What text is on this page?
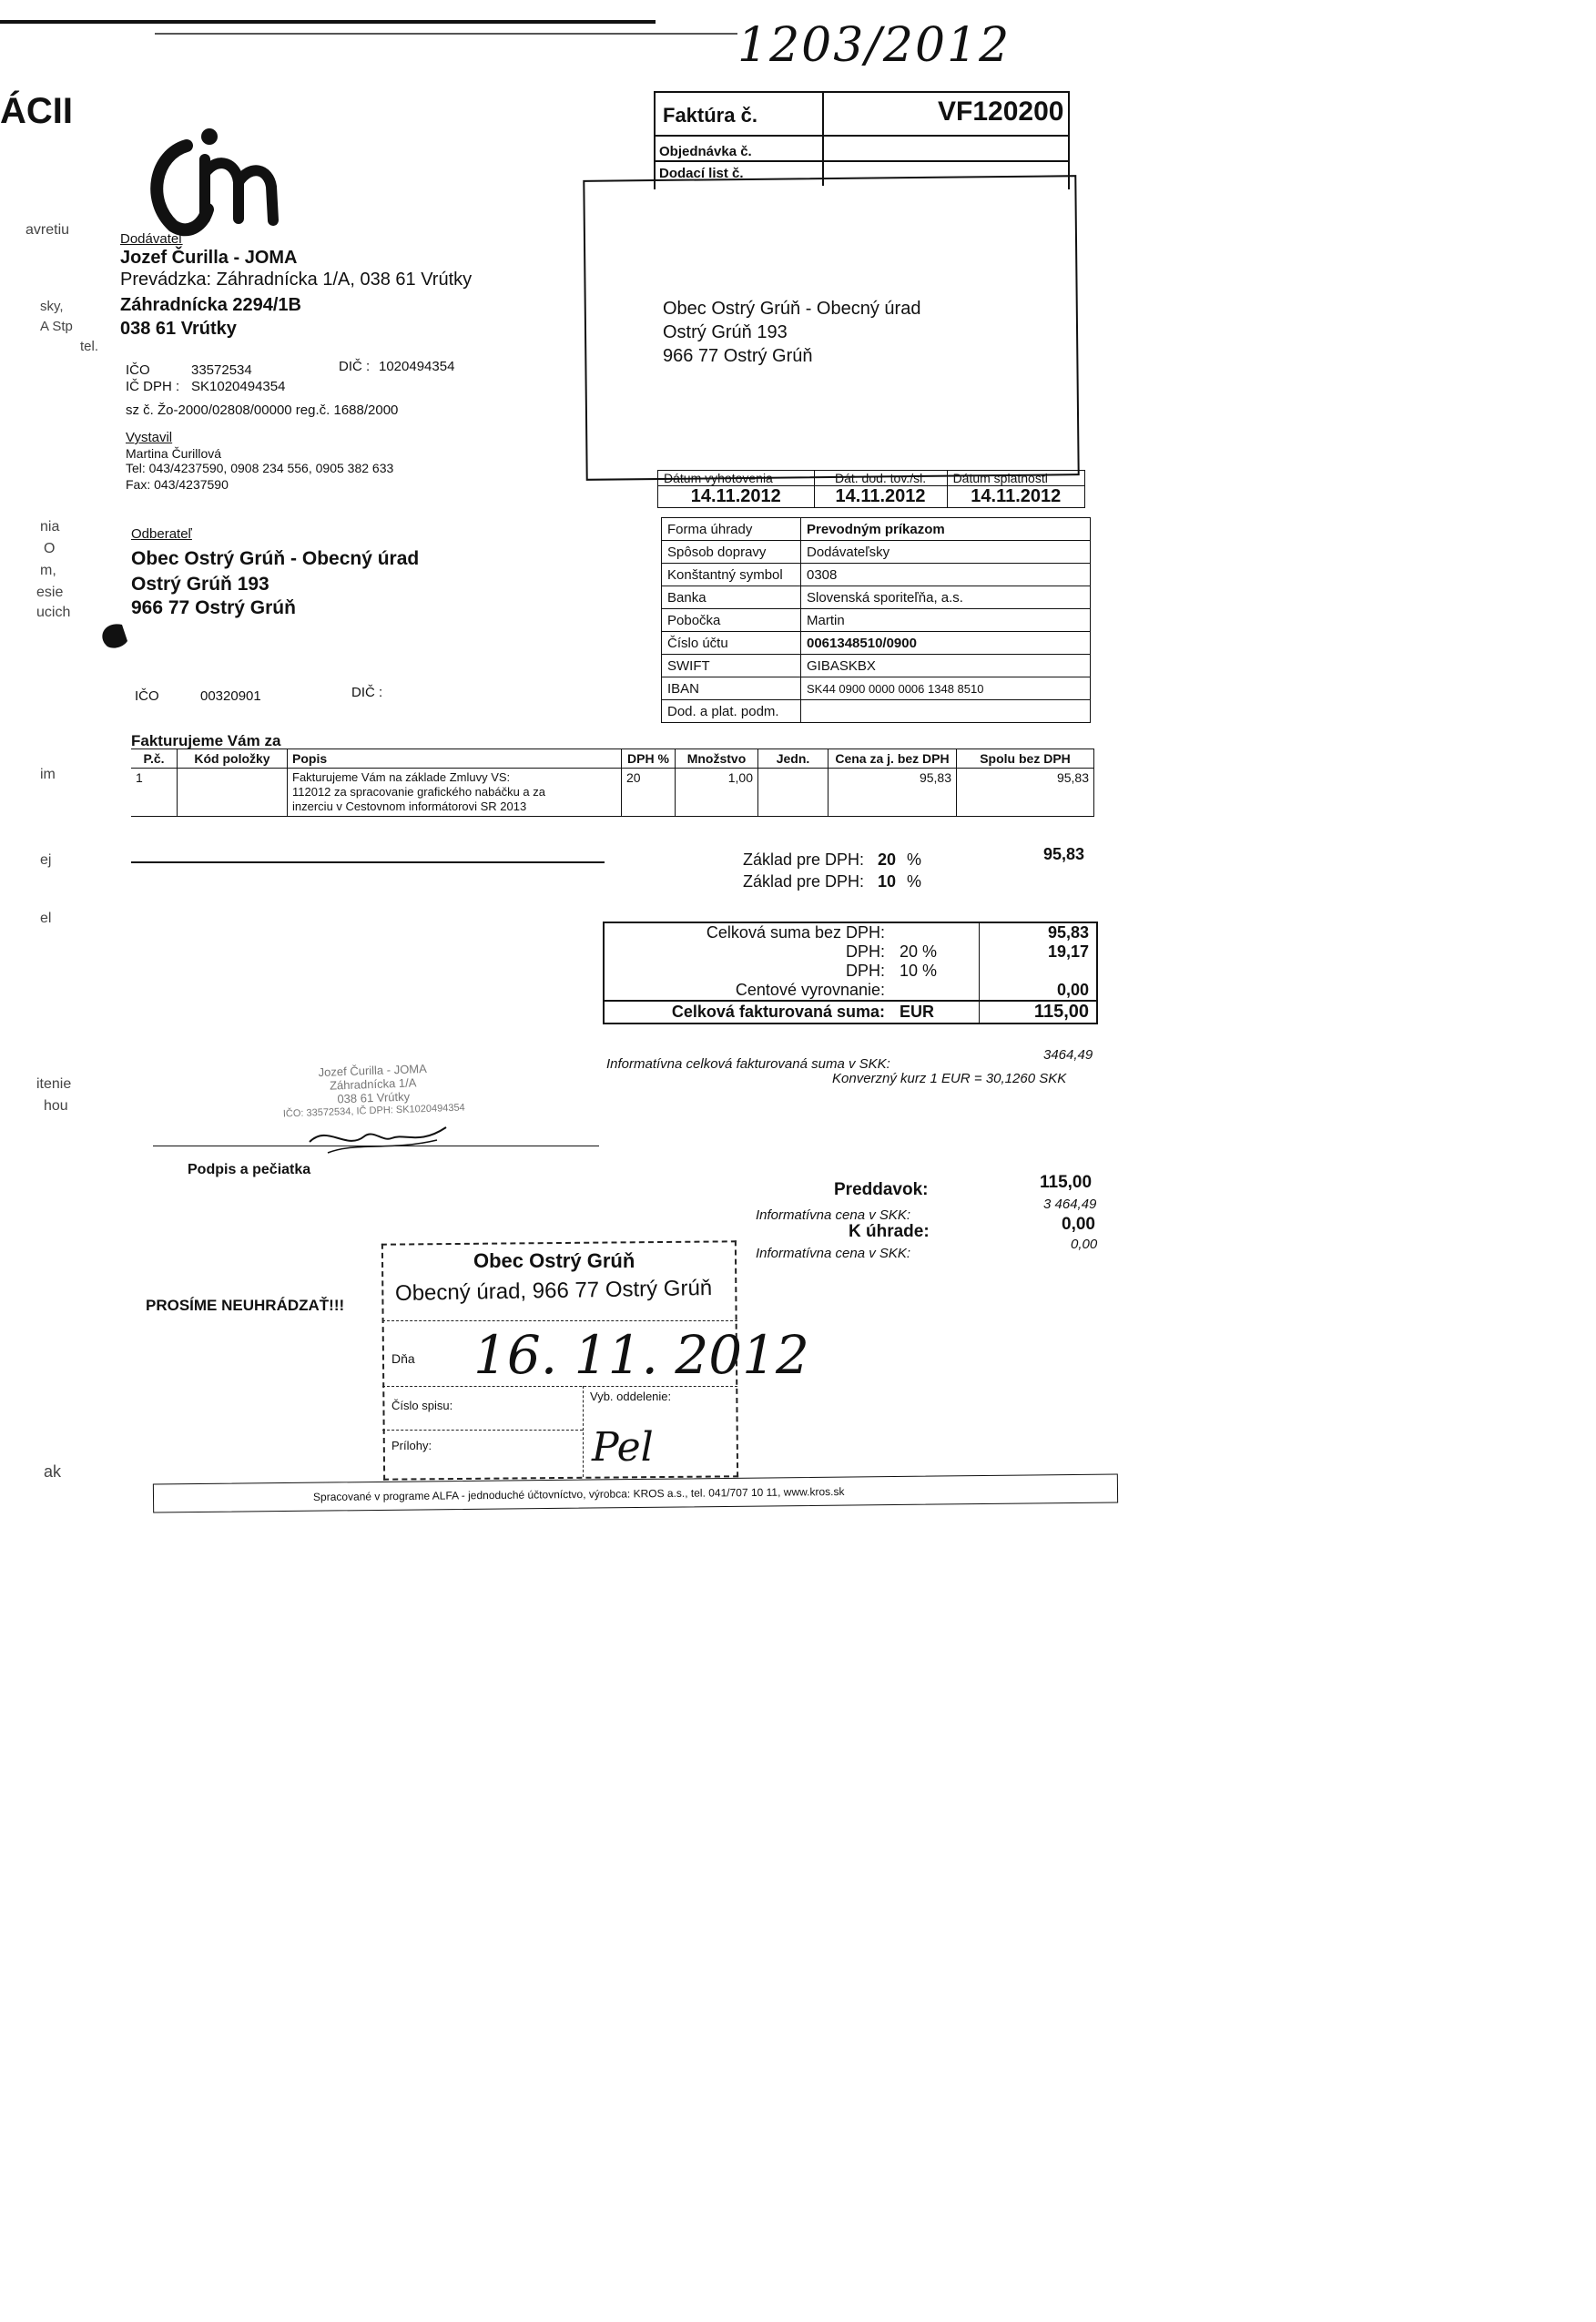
1203/2012
ÁCII
avretiu
sky,
A Stp
tel.
nia
O
m,
esie
ucich
im
ej
el
itenie
hou
ak
Faktúra č.	VF120200
Objednávka č.
Dodací list č.
Obec Ostrý Grúň - Obecný úrad
Ostrý Grúň 193
966 77 Ostrý Grúň
Dodávateľ
Jozef Čurilla - JOMA
Prevádzka: Záhradnícka 1/A, 038 61 Vrútky
Záhradnícka 2294/1B
038 61 Vrútky
IČO	33572534	DIČ : 1020494354
IČ DPH : SK1020494354
sz č. Žo-2000/02808/00000 reg.č. 1688/2000
Vystavil
Martina Čurillová
Tel: 043/4237590, 0908 234 556, 0905 382 633
Fax: 043/4237590
Odberateľ
Obec Ostrý Grúň - Obecný úrad
Ostrý Grúň 193
966 77 Ostrý Grúň
IČO	00320901	DIČ :
Dátum vyhotovenia	Dát. dod. tov./sl.	Dátum splatnosti
14.11.2012	14.11.2012	14.11.2012
Forma úhrady	Prevodným príkazom
Spôsob dopravy	Dodávateľsky
Konštantný symbol	0308
Banka	Slovenská sporiteľňa, a.s.
Pobočka	Martin
Číslo účtu	0061348510/0900
SWIFT	GIBASKBX
IBAN	SK44 0900 0000 0006 1348 8510
Dod. a plat. podm.	
Fakturujeme Vám za
P.č.	Kód položky	Popis	DPH %	Množstvo	Jedn.	Cena za j. bez DPH	Spolu bez DPH
1		Fakturujeme Vám na základe Zmluvy VS:
112012 za spracovanie grafického nabáčku a za
inzerciu v Cestovnom informátorovi SR 2013	20	1,00		95,83	95,83
Základ pre DPH: 20 %	95,83
Základ pre DPH: 10 %
Celková suma bez DPH:		95,83
DPH:	20 %	19,17
DPH:	10 %	
Centové vyrovnanie:		0,00
Celková fakturovaná suma:	EUR	115,00
Informatívna celková fakturovaná suma v SKK:
3464,49
Konverzný kurz 1 EUR = 30,1260 SKK
Jozef Čurilla - JOMA
Záhradnícka 1/A
038 61 Vrútky
IČO: 33572534, IČ DPH: SK1020494354
Podpis a pečiatka
Preddavok:	115,00
Informatívna cena v SKK:
3 464,49
K úhrade:	0,00
Informatívna cena v SKK:
0,00
PROSÍME NEUHRÁDZAŤ!!!
Obec Ostrý Grúň
Obecný úrad, 966 77 Ostrý Grúň
Dňa 16. 11. 2012
Číslo spisu:
Vyb. oddelenie:
Prílohy:	Pel
Spracované v programe ALFA - jednoduché účtovníctvo, výrobca: KROS a.s., tel. 041/707 10 11, www.kros.sk
